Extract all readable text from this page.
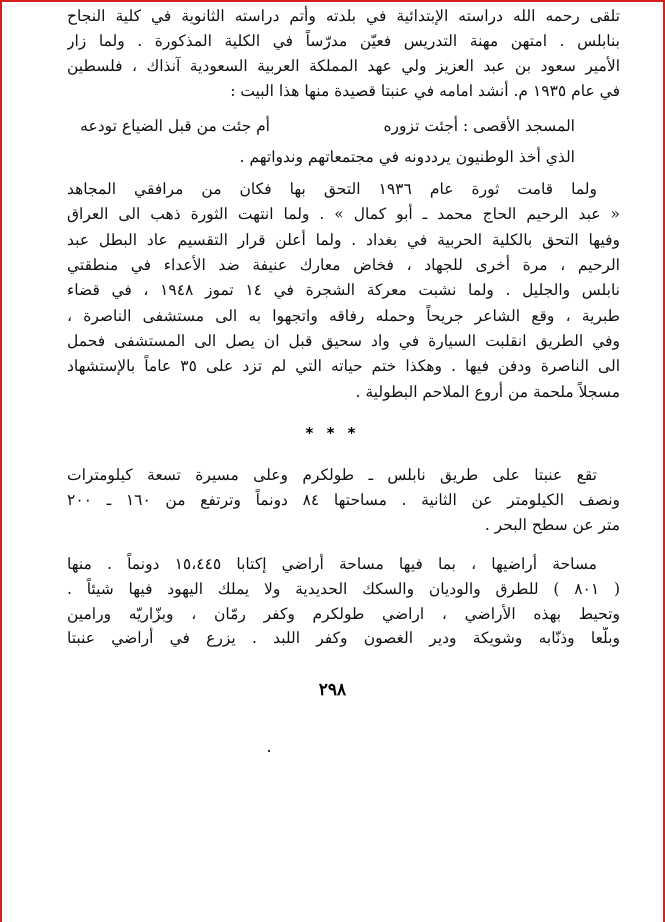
تلقى رحمه الله دراسته الإبتدائية في بلدته وأتم دراسته الثانوية في كلية النجاح
بنابلس . امتهن مهنة التدريس فعيّن مدرّساً في الكلية المذكورة . ولما زار
الأمير سعود بن عبد العزيز ولي عهد المملكة العربية السعودية آنذاك ، فلسطين
في عام ١٩٣٥ م. أنشد امامه في عنبتا قصيدة منها هذا البيت :
المسجد الأقصى : أجئت تزوره
أم جئت من قبل الضياع تودعه
الذي أخذ الوطنيون يرددونه في مجتمعاتهم وندواتهم .
ولما قامت ثورة عام ١٩٣٦ التحق بها فكان من مرافقي المجاهد
« عبد الرحيم الحاج محمد ـ أبو كمال » . ولما انتهت الثورة ذهب الى العراق
وفيها التحق بالكلية الحربية في بغداد . ولما أعلن قرار التقسيم عاد البطل عبد
الرحيم ، مرة أخرى للجهاد ، فخاض معارك عنيفة ضد الأعداء في منطقتي
نابلس والجليل . ولما نشبت معركة الشجرة في ١٤ تموز ١٩٤٨ ، في قضاء
طبرية ، وقع الشاعر جريحاً وحمله رفاقه واتجهوا به الى مستشفى الناصرة ،
وفي الطريق انقلبت السيارة في واد سحيق قبل ان يصل الى المستشفى فحمل
الى الناصرة ودفن فيها . وهكذا ختم حياته التي لم تزد على ٣٥ عاماً بالإستشهاد
مسجلاً ملحمة من أروع الملاحم البطولية .
* * *
تقع عنبتا على طريق نابلس ـ طولكرم وعلى مسيرة تسعة كيلومترات
ونصف الكيلومتر عن الثانية . مساحتها ٨٤ دونماً وترتفع من ١٦٠ ـ ٢٠٠
متر عن سطح البحر .
مساحة أراضيها ، بما فيها مساحة أراضي إكتابا ١٥،٤٤٥ دونماً . منها
( ٨٠١ ) للطرق والوديان والسكك الحديدية ولا يملك اليهود فيها شيئاً .
وتحيط بهذه الأراضي ، اراضي طولكرم وكفر رمّان ، وبزّاريّه ورامين
وبلّعا وذنّابه وشويكة ودير الغصون وكفر اللبد . يزرع في أراضي عنبتا
٢٩٨
